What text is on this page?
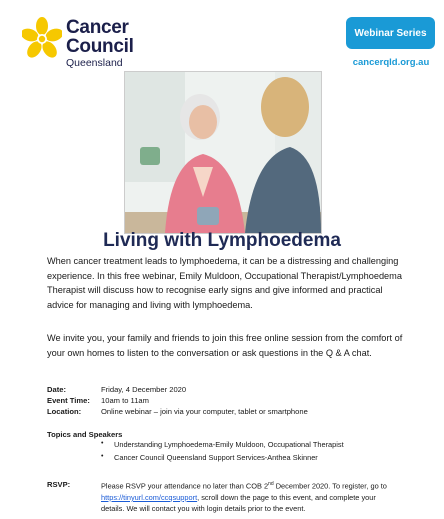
Cancer
Council
Queensland
Webinar Series
cancerqld.org.au
Living with Lymphoedema
When cancer treatment leads to lymphoedema, it can be a distressing and challenging experience. In this free webinar, Emily Muldoon, Occupational Therapist/Lymphoedema Therapist will discuss how to recognise early signs and give informed and practical advice for managing and living with lymphoedema.
We invite you, your family and friends to join this free online session from the comfort of your own homes to listen to the conversation or ask questions in the Q & A chat.
Date:	Friday, 4 December 2020
Event Time: 10am to 11am
Location:	Online webinar – join via your computer, tablet or smartphone
Topics and Speakers
• Understanding Lymphoedema-Emily Muldoon, Occupational Therapist
• Cancer Council Queensland Support Services-Anthea Skinner
RSVP:	Please RSVP your attendance no later than COB 2nd December 2020. To register, go to https://tinyurl.com/ccqsupport, scroll down the page to this event, and complete your details. We will contact you with login details prior to the event.
